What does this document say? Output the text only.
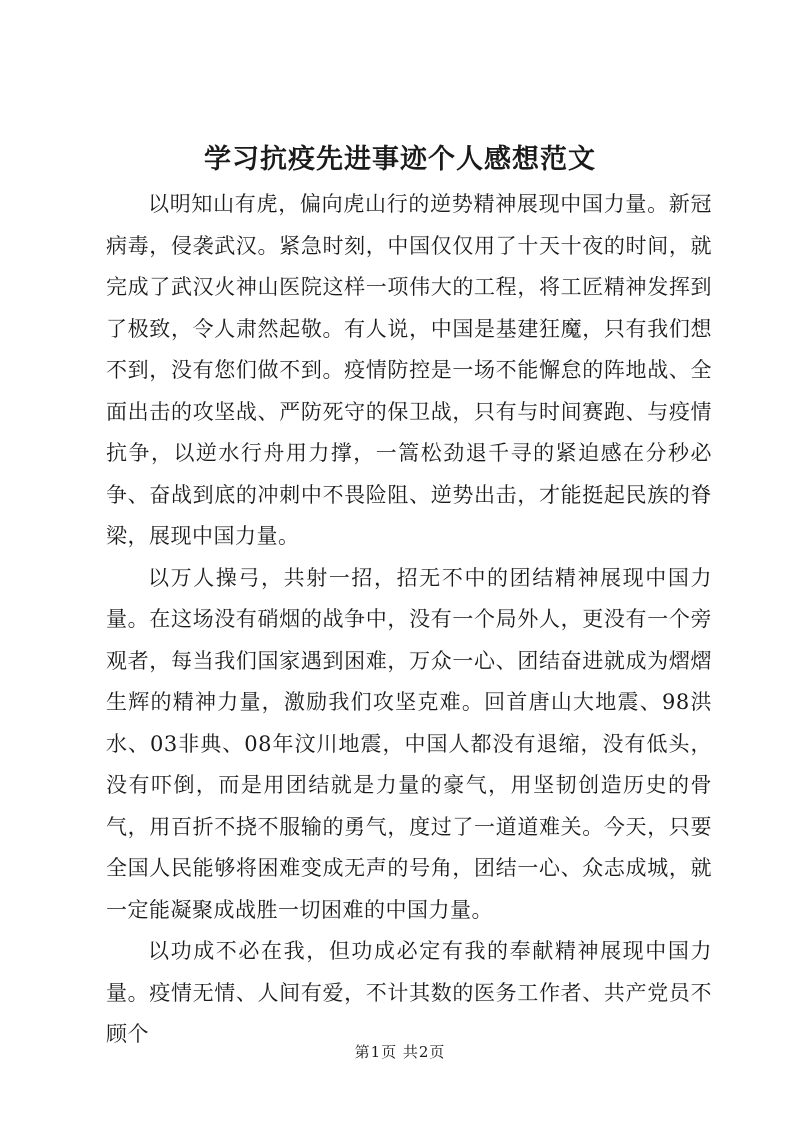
学习抗疫先进事迹个人感想范文

以明知山有虎，偏向虎山行的逆势精神展现中国力量。新冠病毒，侵袭武汉。紧急时刻，中国仅仅用了十天十夜的时间，就完成了武汉火神山医院这样一项伟大的工程，将工匠精神发挥到了极致，令人肃然起敬。有人说，中国是基建狂魔，只有我们想不到，没有您们做不到。疫情防控是一场不能懈怠的阵地战、全面出击的攻坚战、严防死守的保卫战，只有与时间赛跑、与疫情抗争，以逆水行舟用力撑，一篙松劲退千寻的紧迫感在分秒必争、奋战到底的冲刺中不畏险阻、逆势出击，才能挺起民族的脊梁，展现中国力量。

以万人操弓，共射一招，招无不中的团结精神展现中国力量。在这场没有硝烟的战争中，没有一个局外人，更没有一个旁观者，每当我们国家遇到困难，万众一心、团结奋进就成为熠熠生辉的精神力量，激励我们攻坚克难。回首唐山大地震、98洪水、03非典、08年汶川地震，中国人都没有退缩，没有低头，没有吓倒，而是用团结就是力量的豪气，用坚韧创造历史的骨气，用百折不挠不服输的勇气，度过了一道道难关。今天，只要全国人民能够将困难变成无声的号角，团结一心、众志成城，就一定能凝聚成战胜一切困难的中国力量。

以功成不必在我，但功成必定有我的奉献精神展现中国力量。疫情无情、人间有爱，不计其数的医务工作者、共产党员不顾个

第1页 共2页
